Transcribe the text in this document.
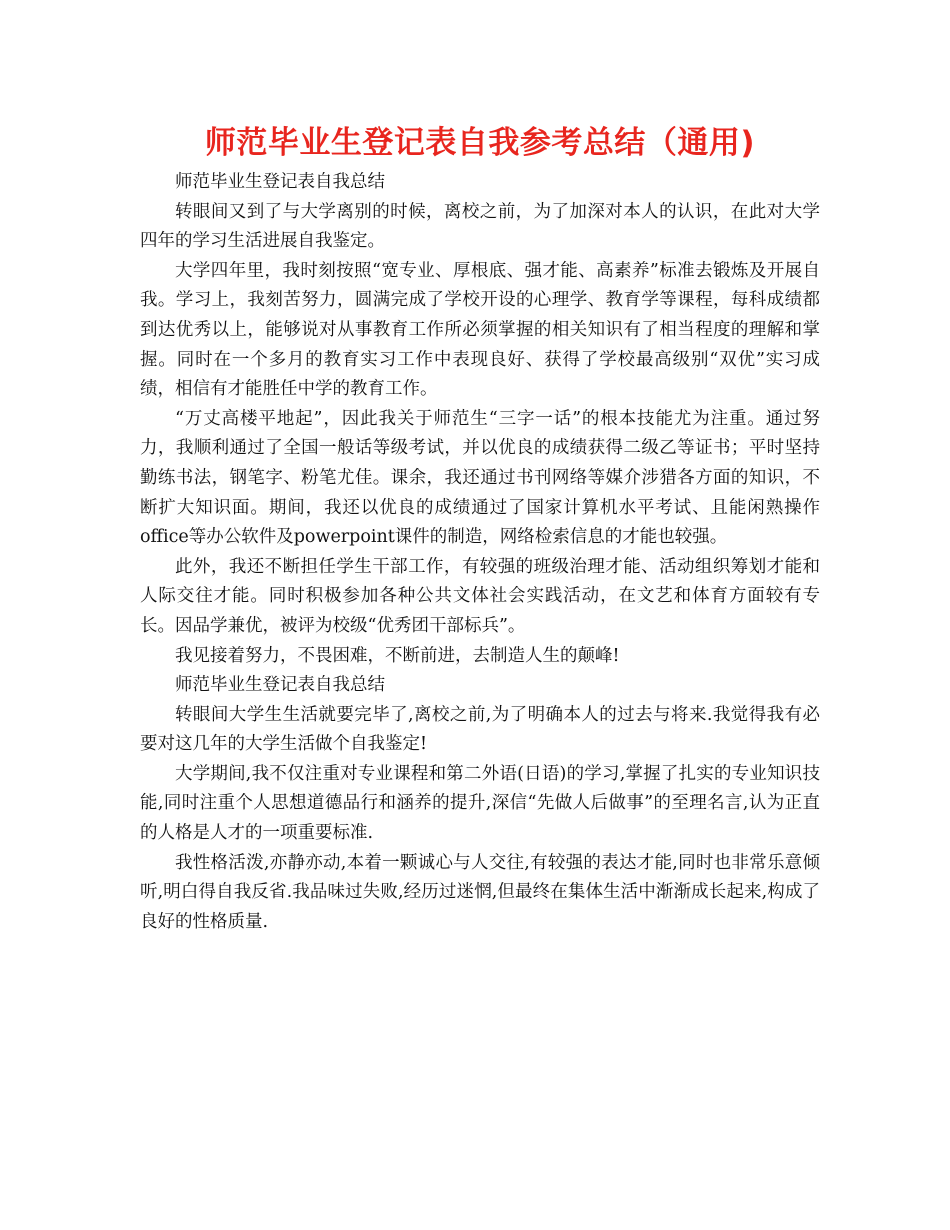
师范毕业生登记表自我参考总结（通用)

师范毕业生登记表自我总结

转眼间又到了与大学离别的时候，离校之前，为了加深对本人的认识，在此对大学四年的学习生活进展自我鉴定。

大学四年里，我时刻按照“宽专业、厚根底、强才能、高素养”标准去锻炼及开展自我。学习上，我刻苦努力，圆满完成了学校开设的心理学、教育学等课程，每科成绩都到达优秀以上，能够说对从事教育工作所必须掌握的相关知识有了相当程度的理解和掌握。同时在一个多月的教育实习工作中表现良好、获得了学校最高级别“双优”实习成绩，相信有才能胜任中学的教育工作。

“万丈高楼平地起”，因此我关于师范生“三字一话”的根本技能尤为注重。通过努力，我顺利通过了全国一般话等级考试，并以优良的成绩获得二级乙等证书；平时坚持勤练书法，钢笔字、粉笔尤佳。课余，我还通过书刊网络等媒介涉猎各方面的知识，不断扩大知识面。期间，我还以优良的成绩通过了国家计算机水平考试、且能闲熟操作office等办公软件及powerpoint课件的制造，网络检索信息的才能也较强。

此外，我还不断担任学生干部工作，有较强的班级治理才能、活动组织筹划才能和人际交往才能。同时积极参加各种公共文体社会实践活动，在文艺和体育方面较有专长。因品学兼优，被评为校级“优秀团干部标兵”。

我见接着努力，不畏困难，不断前进，去制造人生的颠峰!

师范毕业生登记表自我总结

转眼间大学生生活就要完毕了,离校之前,为了明确本人的过去与将来.我觉得我有必要对这几年的大学生活做个自我鉴定!

大学期间,我不仅注重对专业课程和第二外语(日语)的学习,掌握了扎实的专业知识技能,同时注重个人思想道德品行和涵养的提升,深信“先做人后做事”的至理名言,认为正直的人格是人才的一项重要标准.

我性格活泼,亦静亦动,本着一颗诚心与人交往,有较强的表达才能,同时也非常乐意倾听,明白得自我反省.我品味过失败,经历过迷惘,但最终在集体生活中渐渐成长起来,构成了良好的性格质量.
